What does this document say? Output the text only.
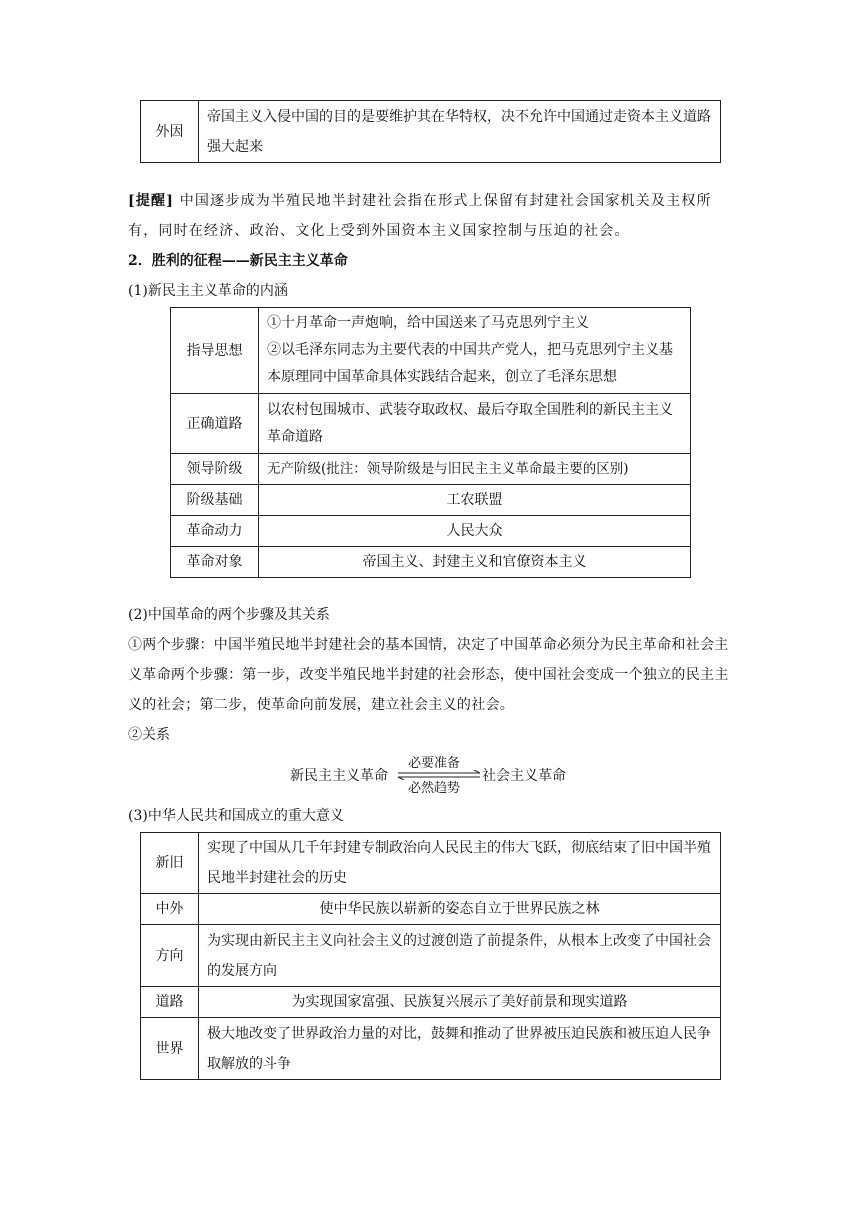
外因	帝国主义入侵中国的目的是要维护其在华特权，决不允许中国通过走资本主义道路强大起来
[提醒] 中国逐步成为半殖民地半封建社会指在形式上保留有封建社会国家机关及主权所有，同时在经济、政治、文化上受到外国资本主义国家控制与压迫的社会。
2．胜利的征程——新民主主义革命
(1)新民主主义革命的内涵
指导思想	①十月革命一声炮响，给中国送来了马克思列宁主义
②以毛泽东同志为主要代表的中国共产党人，把马克思列宁主义基本原理同中国革命具体实践结合起来，创立了毛泽东思想

正确道路	以农村包围城市、武装夺取政权、最后夺取全国胜利的新民主主义革命道路
领导阶级	无产阶级(批注：领导阶级是与旧民主主义革命最主要的区别)
阶级基础	工农联盟
革命动力	人民大众
革命对象	帝国主义、封建主义和官僚资本主义
(2)中国革命的两个步骤及其关系
①两个步骤：中国半殖民地半封建社会的基本国情，决定了中国革命必须分为民主革命和社会主义革命两个步骤：第一步，改变半殖民地半封建的社会形态，使中国社会变成一个独立的民主主义的社会；第二步，使革命向前发展，建立社会主义的社会。
②关系
新民主主义革命
必要准备
必然趋势
社会主义革命
(3)中华人民共和国成立的重大意义
新旧	实现了中国从几千年封建专制政治向人民民主的伟大飞跃，彻底结束了旧中国半殖民地半封建社会的历史
中外	使中华民族以崭新的姿态自立于世界民族之林
方向	为实现由新民主主义向社会主义的过渡创造了前提条件，从根本上改变了中国社会的发展方向
道路	为实现国家富强、民族复兴展示了美好前景和现实道路
世界	极大地改变了世界政治力量的对比，鼓舞和推动了世界被压迫民族和被压迫人民争取解放的斗争
